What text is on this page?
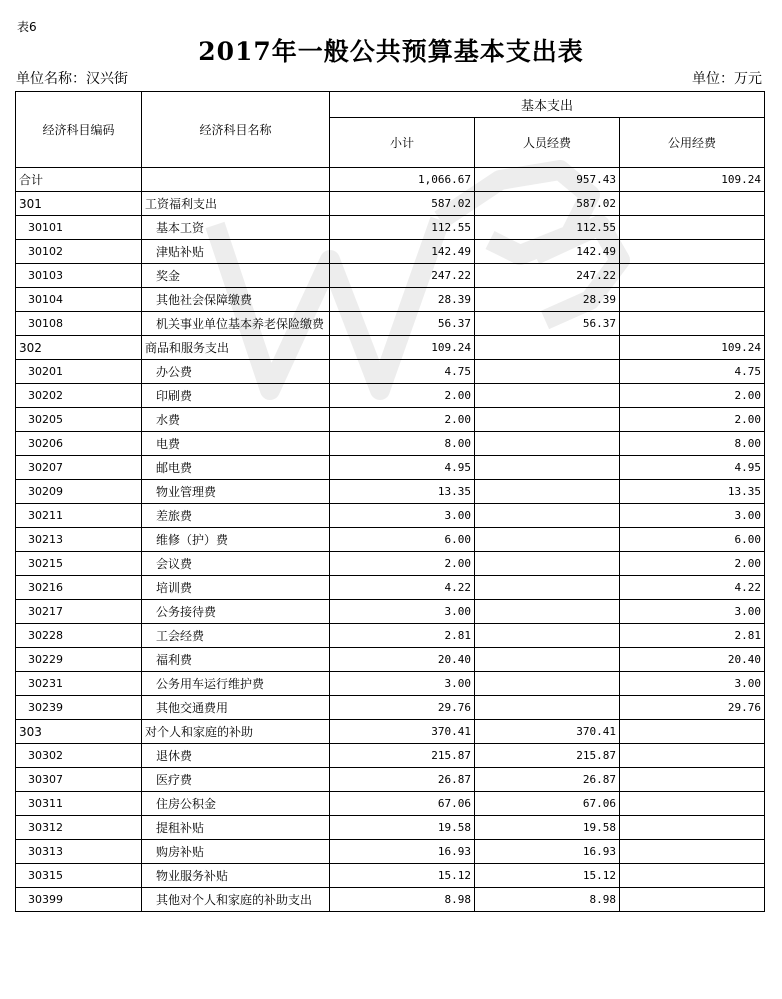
表6
2017年一般公共预算基本支出表
单位名称：汉兴街	单位：万元
经济科目编码	经济科目名称	基本支出		
		小计	人员经费	公用经费
合计		1,066.67	957.43	109.24
301	工资福利支出	587.02	587.02	
30101	基本工资	112.55	112.55	
30102	津贴补贴	142.49	142.49	
30103	奖金	247.22	247.22	
30104	其他社会保障缴费	28.39	28.39	
30108	机关事业单位基本养老保险缴费	56.37	56.37	
302	商品和服务支出	109.24		109.24
30201	办公费	4.75		4.75
30202	印刷费	2.00		2.00
30205	水费	2.00		2.00
30206	电费	8.00		8.00
30207	邮电费	4.95		4.95
30209	物业管理费	13.35		13.35
30211	差旅费	3.00		3.00
30213	维修（护）费	6.00		6.00
30215	会议费	2.00		2.00
30216	培训费	4.22		4.22
30217	公务接待费	3.00		3.00
30228	工会经费	2.81		2.81
30229	福利费	20.40		20.40
30231	公务用车运行维护费	3.00		3.00
30239	其他交通费用	29.76		29.76
303	对个人和家庭的补助	370.41	370.41	
30302	退休费	215.87	215.87	
30307	医疗费	26.87	26.87	
30311	住房公积金	67.06	67.06	
30312	提租补贴	19.58	19.58	
30313	购房补贴	16.93	16.93	
30315	物业服务补贴	15.12	15.12	
30399	其他对个人和家庭的补助支出	8.98	8.98	
